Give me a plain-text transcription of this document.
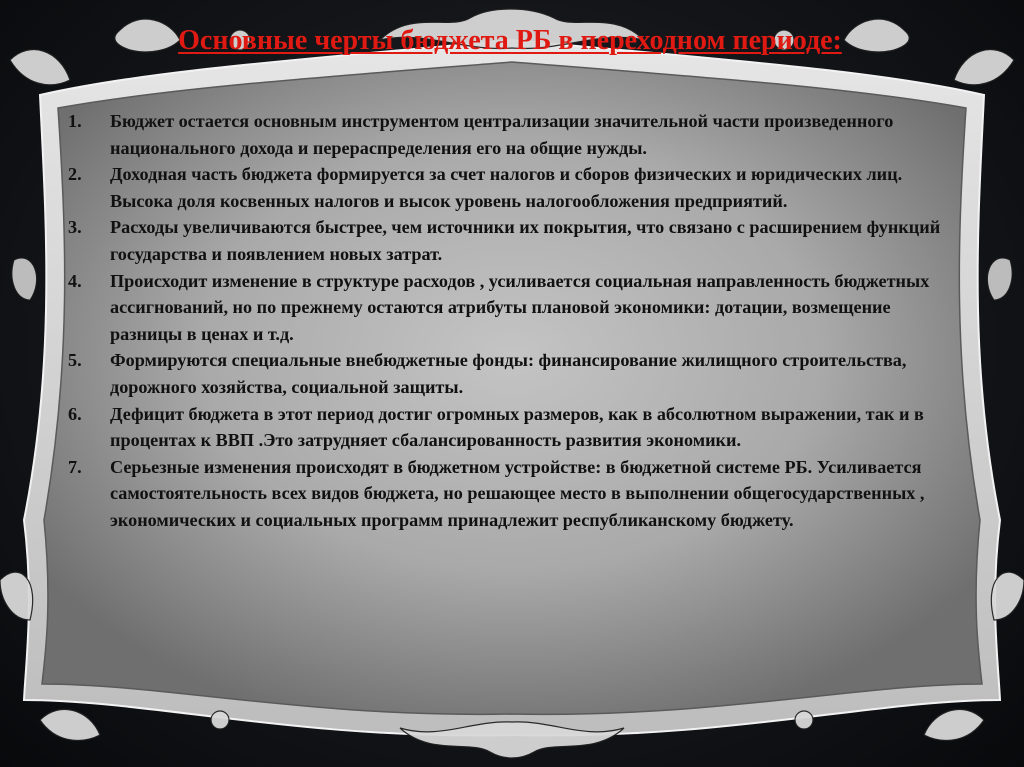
Основные черты бюджета РБ в переходном периоде:
1.	Бюджет остается основным инструментом централизации значительной части произведенного национального дохода и перераспределения его на общие нужды.
2.	Доходная часть бюджета формируется за счет налогов и сборов физических и юридических лиц. Высока доля косвенных налогов и высок уровень налогообложения предприятий.
3.	Расходы увеличиваются быстрее, чем источники их покрытия, что связано с расширением функций государства и появлением новых затрат.
4.	Происходит изменение в структуре расходов , усиливается социальная направленность бюджетных ассигнований, но по прежнему остаются атрибуты плановой экономики: дотации, возмещение разницы в ценах и т.д.
5.	Формируются специальные внебюджетные фонды: финансирование жилищного строительства, дорожного хозяйства, социальной защиты.
6.	Дефицит бюджета в этот период достиг огромных размеров, как в абсолютном выражении, так и в процентах к ВВП .Это затрудняет сбалансированность развития экономики.
7.	Серьезные изменения происходят в бюджетном устройстве: в бюджетной системе РБ. Усиливается самостоятельность всех видов бюджета, но решающее место в выполнении общегосударственных , экономических и социальных программ принадлежит республиканскому бюджету.
